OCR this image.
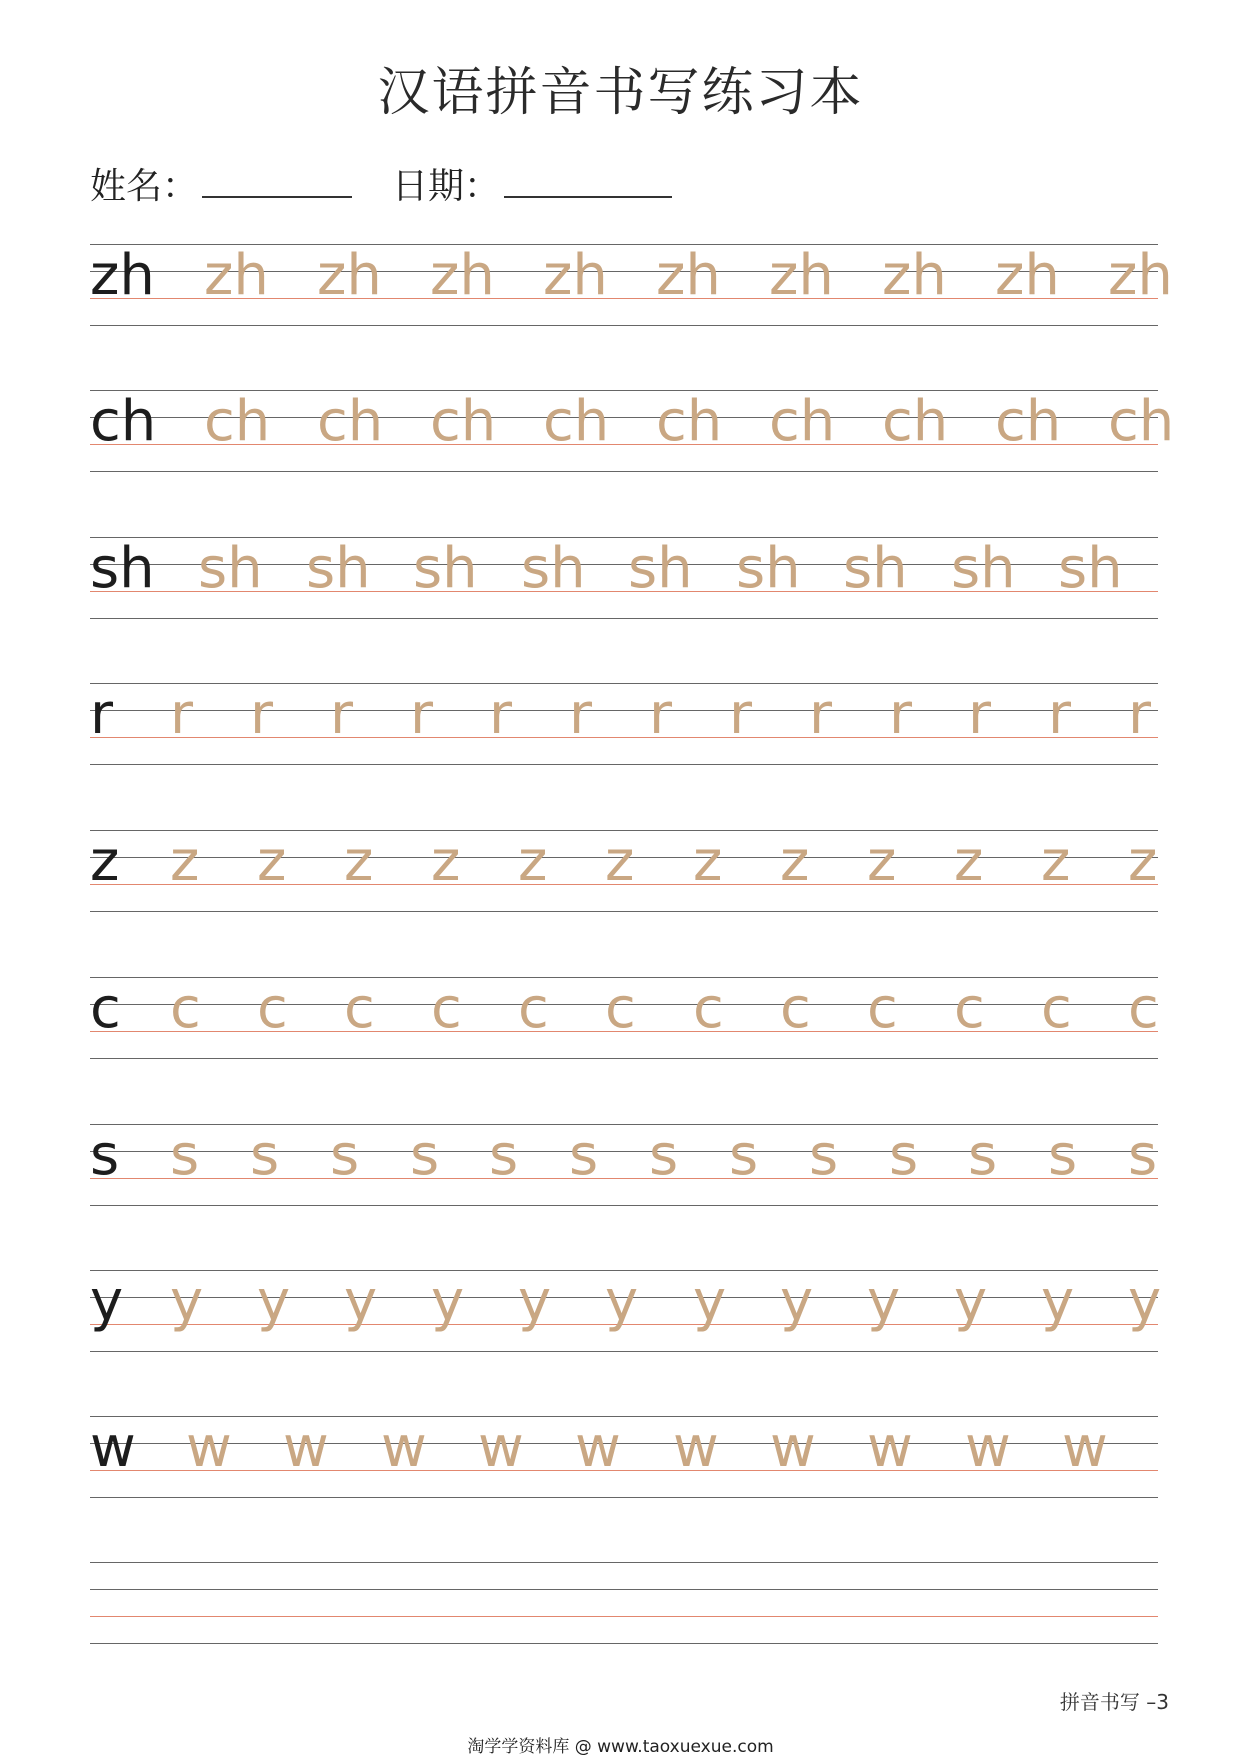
汉语拼音书写练习本
姓名：	日期：
zh zh zh zh zh zh zh zh zh zh
ch ch ch ch ch ch ch ch ch ch
sh sh sh sh sh sh sh sh sh sh
r r r r r r r r r r r r r r
z z z z z z z z z z z z z
c c c c c c c c c c c c c
s s s s s s s s s s s s s s
y y y y y y y y y y y y y
w w w w w w w w w w w
拼音书写 –3
淘学学资料库 @ www.taoxuexue.com
